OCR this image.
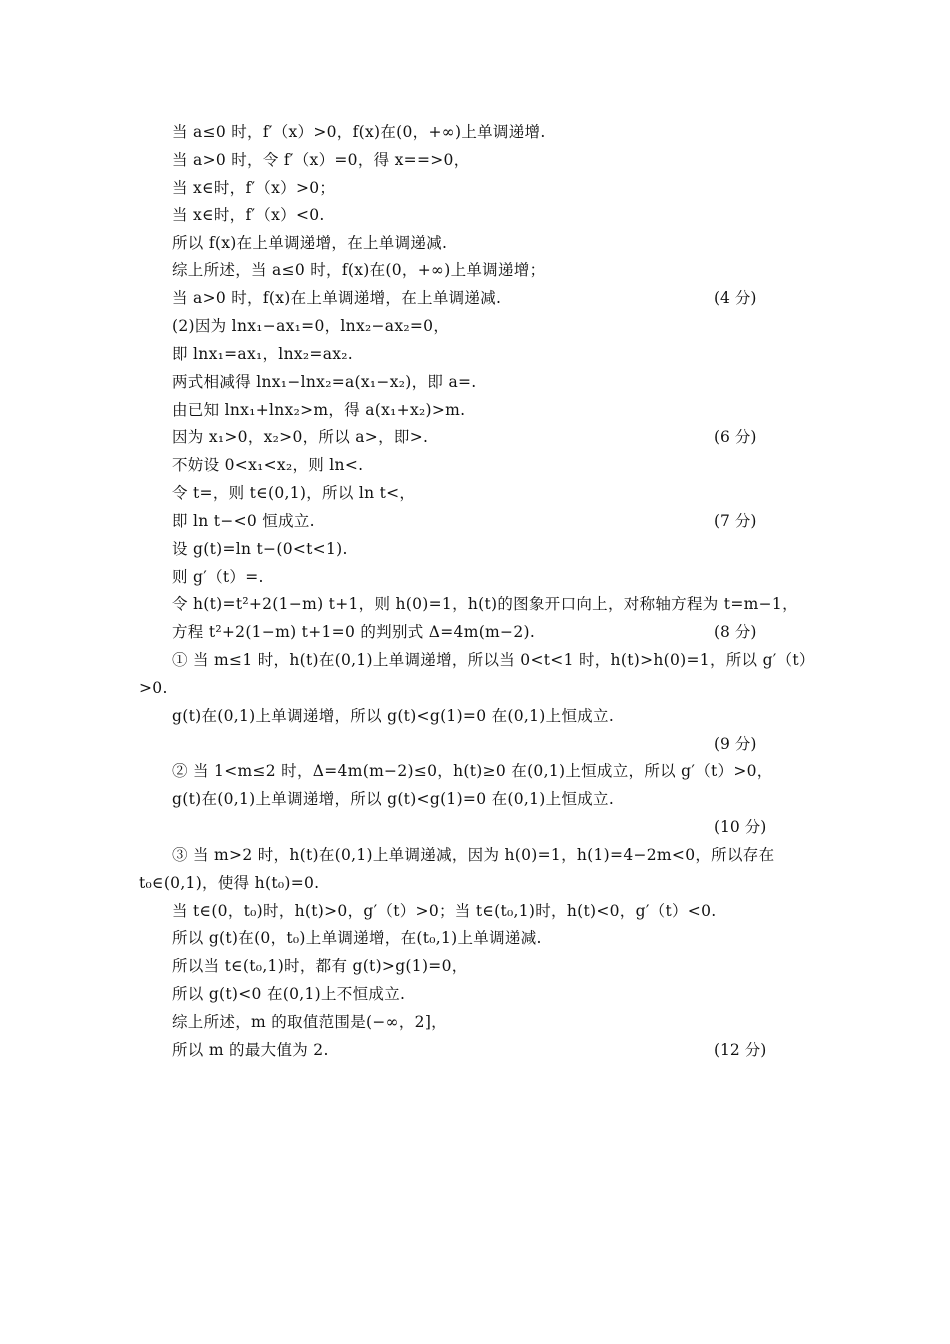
当 a≤0 时，f′（x）>0，f(x)在(0，+∞)上单调递增.
当 a>0 时，令 f′（x）=0，得 x==>0，
当 x∈时，f′（x）>0；
当 x∈时，f′（x）<0.
所以 f(x)在上单调递增，在上单调递减.
综上所述，当 a≤0 时，f(x)在(0，+∞)上单调递增；
当 a>0 时，f(x)在上单调递增，在上单调递减.	(4 分)
(2)因为 lnx₁−ax₁=0，lnx₂−ax₂=0，
即 lnx₁=ax₁，lnx₂=ax₂.
两式相减得 lnx₁−lnx₂=a(x₁−x₂)，即 a=.
由已知 lnx₁+lnx₂>m，得 a(x₁+x₂)>m.
因为 x₁>0，x₂>0，所以 a>，即>.	(6 分)
不妨设 0<x₁<x₂，则 ln<.
令 t=，则 t∈(0,1)，所以 ln t<，
即 ln t−<0 恒成立.	(7 分)
设 g(t)=ln t−(0<t<1).
则 g′（t）=.
令 h(t)=t²+2(1−m) t+1，则 h(0)=1，h(t)的图象开口向上，对称轴方程为 t=m−1，
方程 t²+2(1−m) t+1=0 的判别式 Δ=4m(m−2).	(8 分)
① 当 m≤1 时，h(t)在(0,1)上单调递增，所以当 0<t<1 时，h(t)>h(0)=1，所以 g′（t）
>0.
g(t)在(0,1)上单调递增，所以 g(t)<g(1)=0 在(0,1)上恒成立.
(9 分)
② 当 1<m≤2 时，Δ=4m(m−2)≤0，h(t)≥0 在(0,1)上恒成立，所以 g′（t）>0，
g(t)在(0,1)上单调递增，所以 g(t)<g(1)=0 在(0,1)上恒成立.
(10 分)
③ 当 m>2 时，h(t)在(0,1)上单调递减，因为 h(0)=1，h(1)=4−2m<0，所以存在
t₀∈(0,1)，使得 h(t₀)=0.
当 t∈(0，t₀)时，h(t)>0，g′（t）>0；当 t∈(t₀,1)时，h(t)<0，g′（t）<0.
所以 g(t)在(0，t₀)上单调递增，在(t₀,1)上单调递减.
所以当 t∈(t₀,1)时，都有 g(t)>g(1)=0，
所以 g(t)<0 在(0,1)上不恒成立.
综上所述，m 的取值范围是(−∞，2]，
所以 m 的最大值为 2.	(12 分)
